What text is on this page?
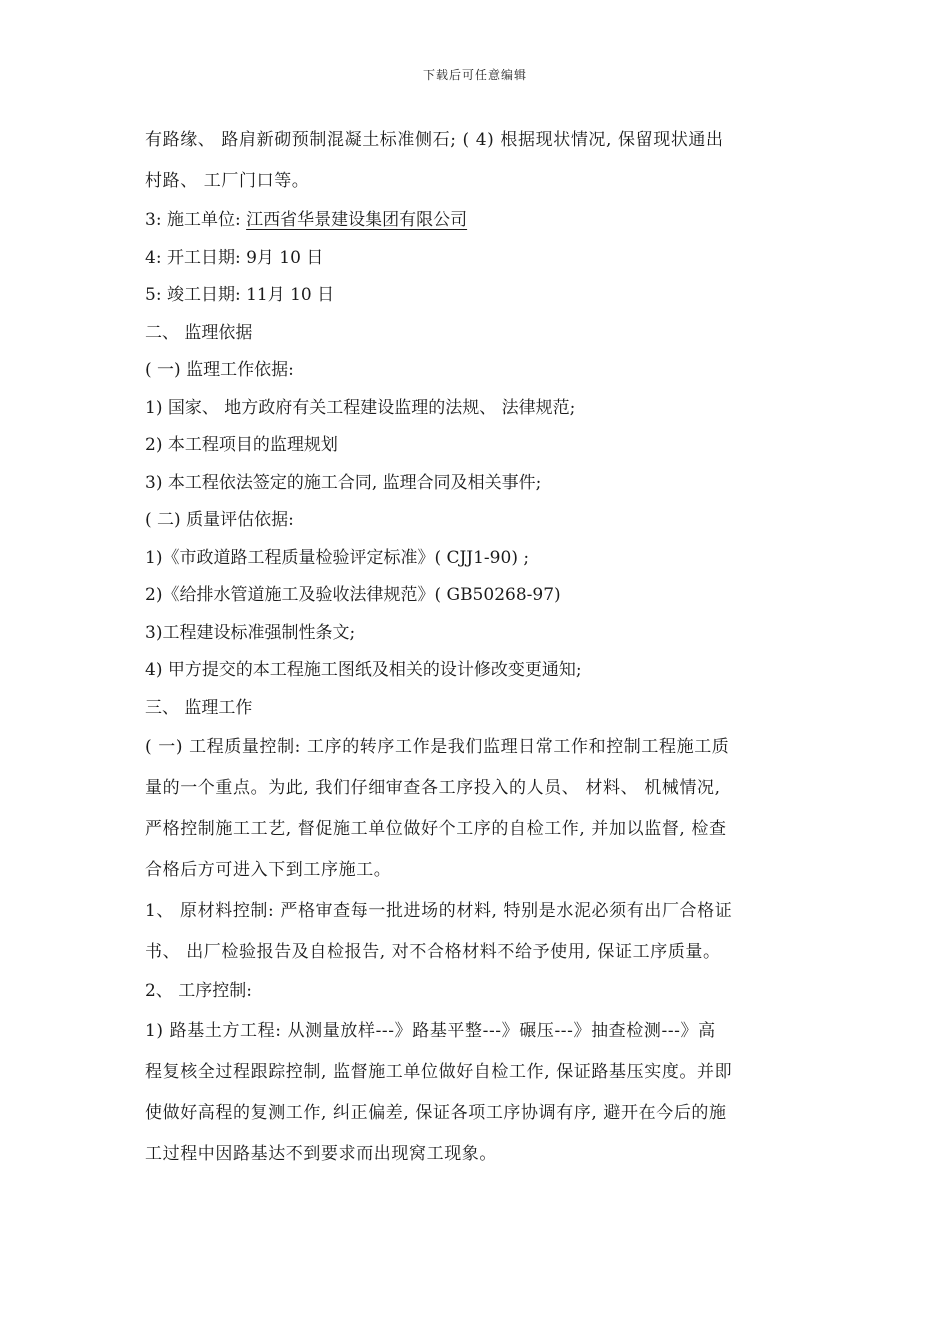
下载后可任意编辑
有路缘、 路肩新砌预制混凝土标准侧石; ( 4) 根据现状情况, 保留现状通出
村路、 工厂门口等。
3: 施工单位: 江西省华景建设集团有限公司
4: 开工日期: 9月 10 日
5: 竣工日期: 11月 10 日
二、 监理依据
( 一) 监理工作依据:
1) 国家、 地方政府有关工程建设监理的法规、 法律规范;
2) 本工程项目的监理规划
3) 本工程依法签定的施工合同, 监理合同及相关事件;
( 二) 质量评估依据:
1)《市政道路工程质量检验评定标准》( CJJ1-90) ;
2)《给排水管道施工及验收法律规范》( GB50268-97)
3)工程建设标准强制性条文;
4) 甲方提交的本工程施工图纸及相关的设计修改变更通知;
三、 监理工作
( 一) 工程质量控制: 工序的转序工作是我们监理日常工作和控制工程施工质
量的一个重点。为此, 我们仔细审查各工序投入的人员、 材料、 机械情况,
严格控制施工工艺, 督促施工单位做好个工序的自检工作, 并加以监督, 检查
合格后方可进入下到工序施工。
1、 原材料控制: 严格审查每一批进场的材料, 特别是水泥必须有出厂合格证
书、 出厂检验报告及自检报告, 对不合格材料不给予使用, 保证工序质量。
2、 工序控制:
1) 路基土方工程: 从测量放样---》路基平整---》碾压---》抽查检测---》高
程复核全过程跟踪控制, 监督施工单位做好自检工作, 保证路基压实度。并即
使做好高程的复测工作, 纠正偏差, 保证各项工序协调有序, 避开在今后的施
工过程中因路基达不到要求而出现窝工现象。
